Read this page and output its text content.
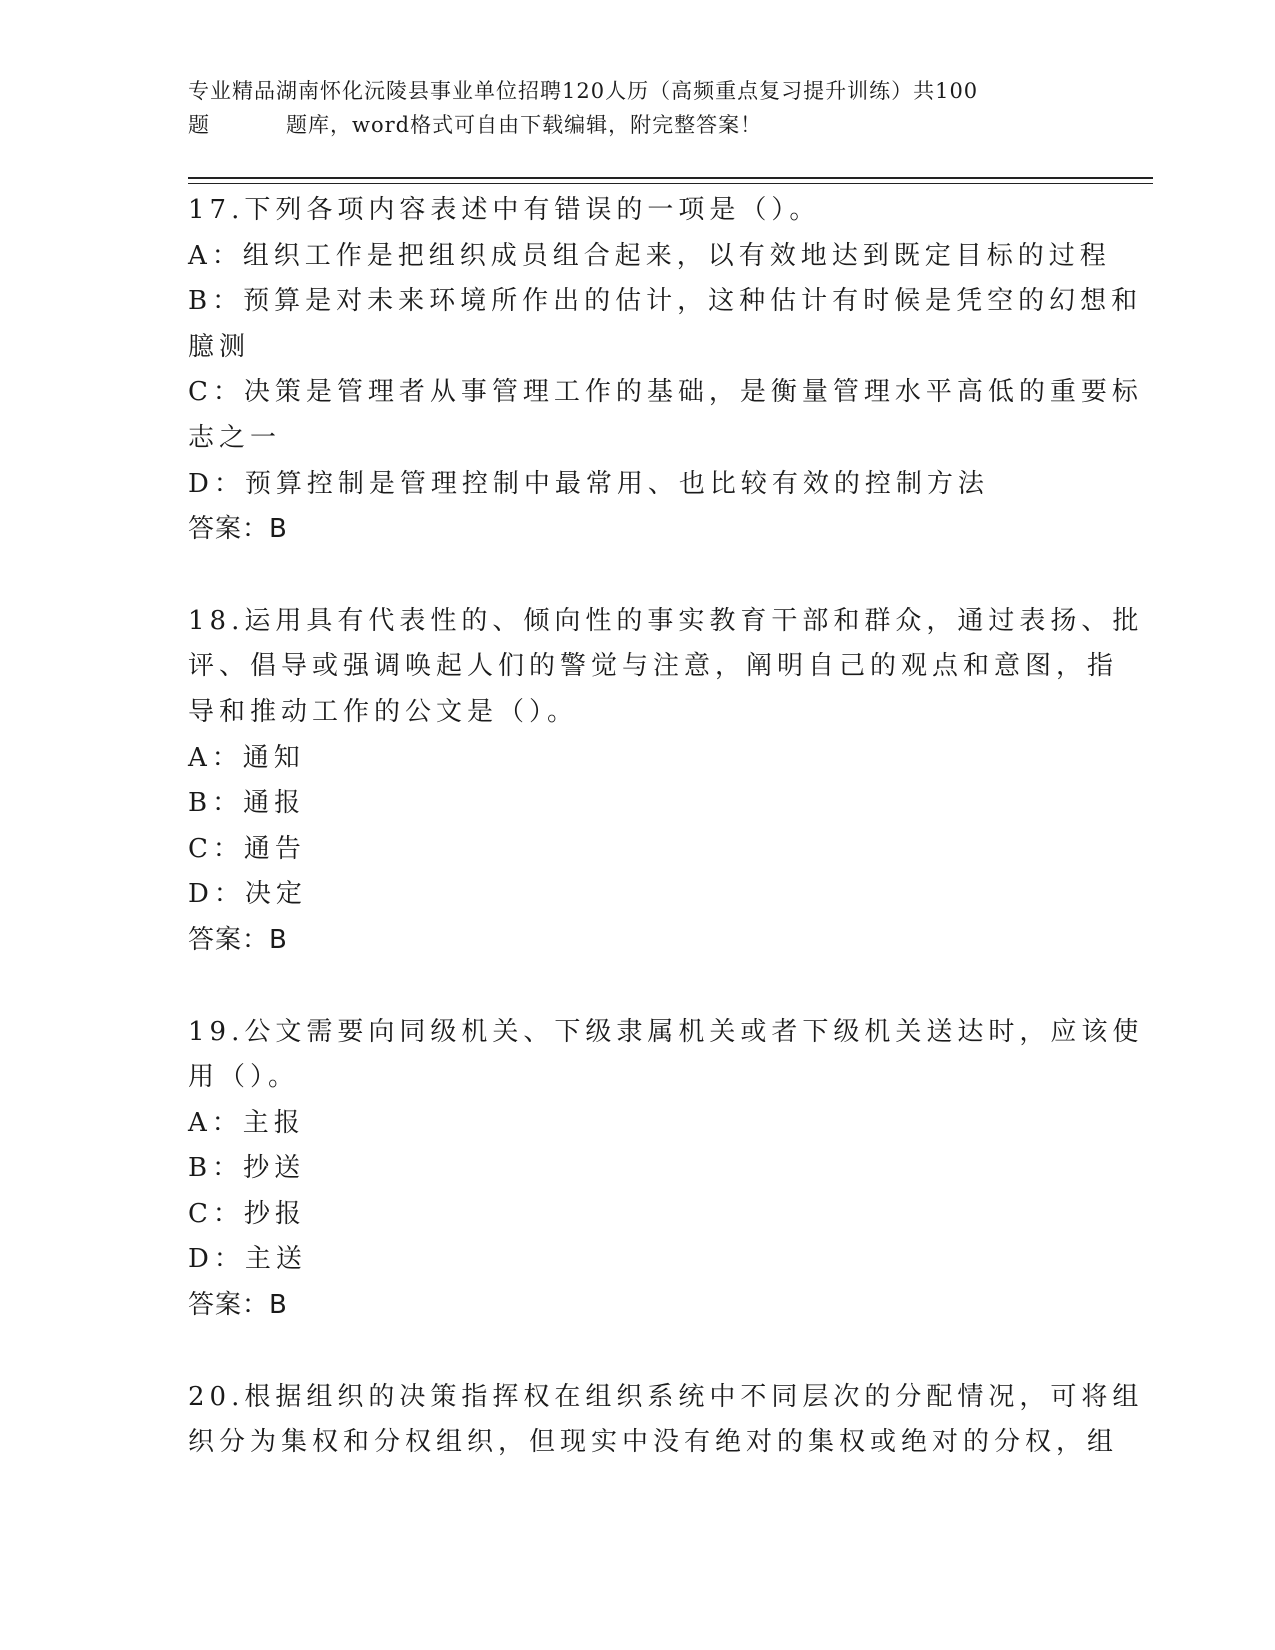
专业精品湖南怀化沅陵县事业单位招聘120人历（高频重点复习提升训练）共100
题	题库，word格式可自由下载编辑，附完整答案！

17.下列各项内容表述中有错误的一项是（）。

A：组织工作是把组织成员组合起来，以有效地达到既定目标的过程

B：预算是对未来环境所作出的估计，这种估计有时候是凭空的幻想和

臆测

C：决策是管理者从事管理工作的基础，是衡量管理水平高低的重要标

志之一

D：预算控制是管理控制中最常用、也比较有效的控制方法

答案：B

18.运用具有代表性的、倾向性的事实教育干部和群众，通过表扬、批

评、倡导或强调唤起人们的警觉与注意，阐明自己的观点和意图，指

导和推动工作的公文是（）。

A：通知

B：通报

C：通告

D：决定

答案：B

19.公文需要向同级机关、下级隶属机关或者下级机关送达时，应该使

用（）。

A：主报

B：抄送

C：抄报

D：主送

答案：B

20.根据组织的决策指挥权在组织系统中不同层次的分配情况，可将组

织分为集权和分权组织，但现实中没有绝对的集权或绝对的分权，组
